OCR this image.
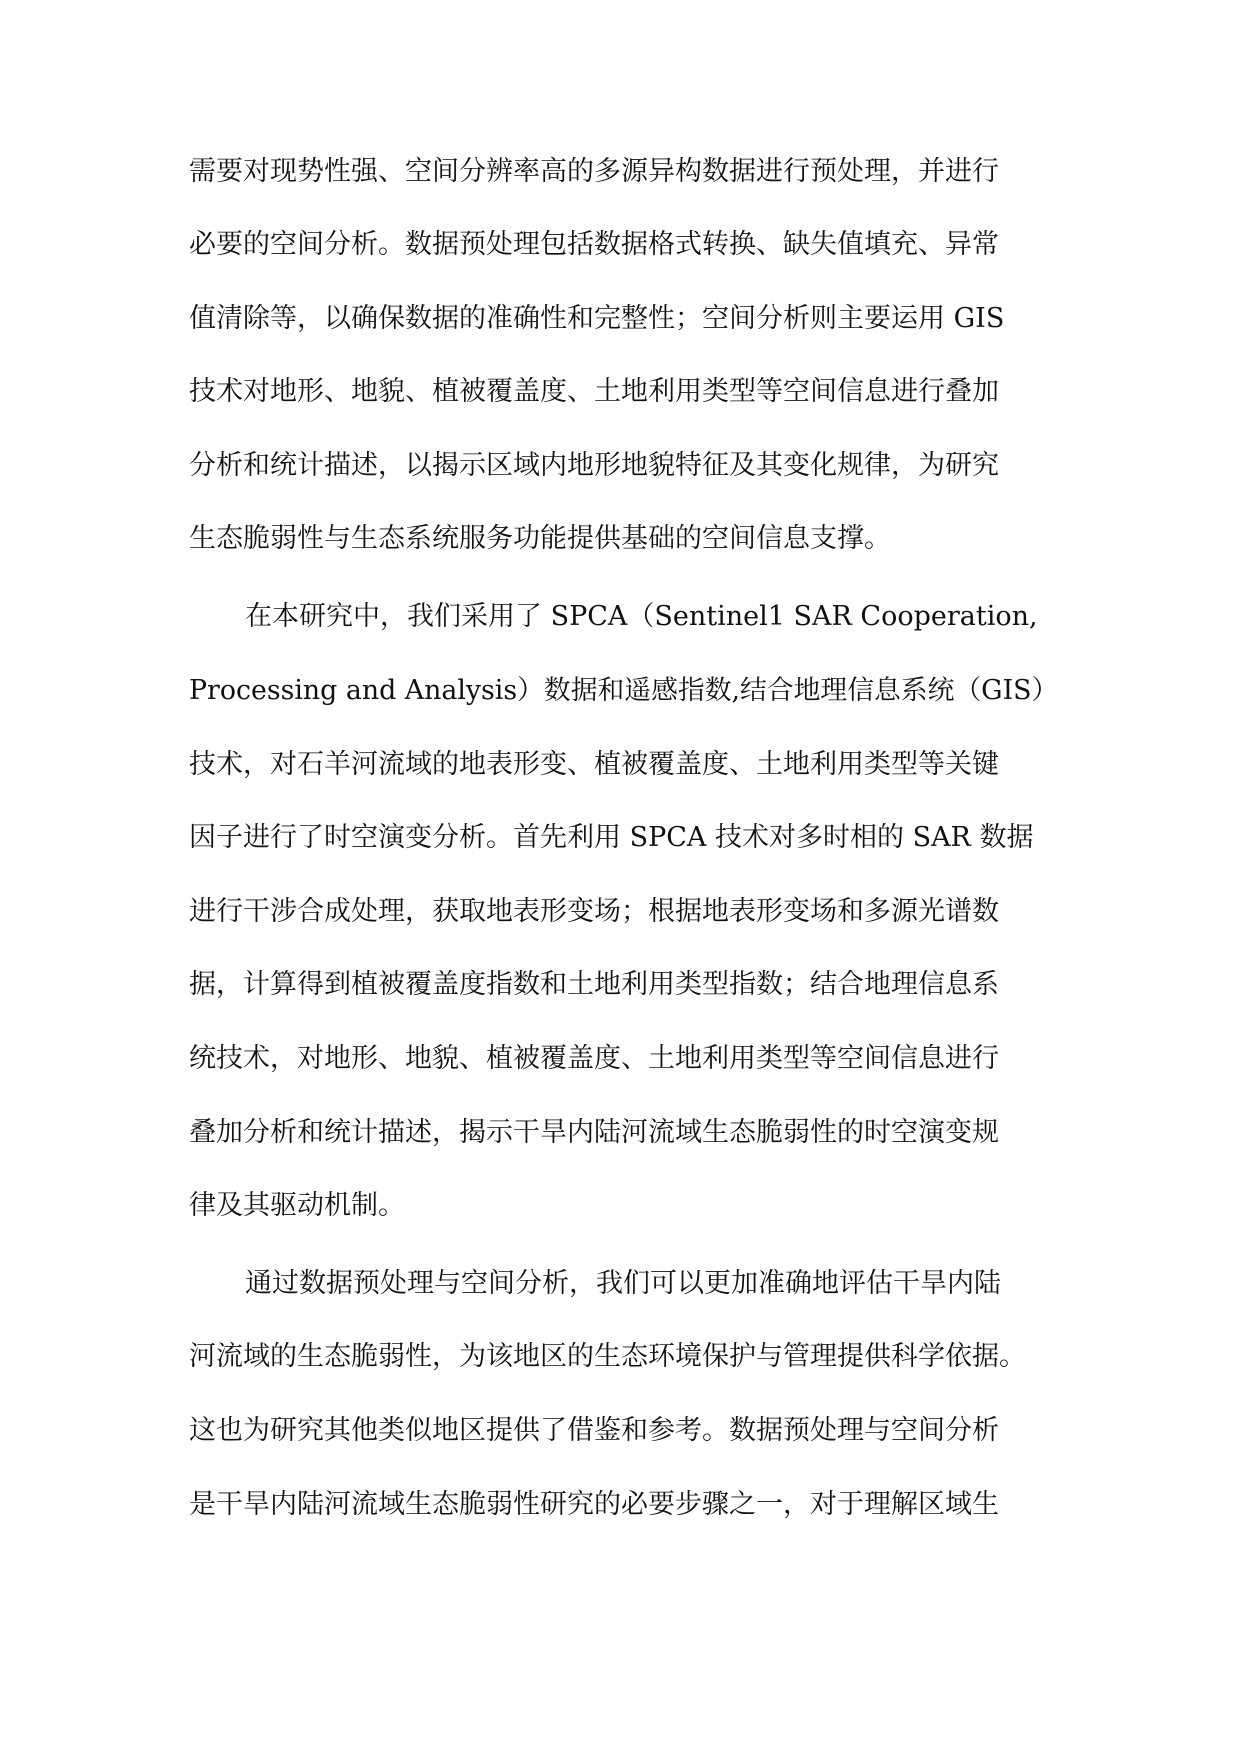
需要对现势性强、空间分辨率高的多源异构数据进行预处理，并进行
必要的空间分析。数据预处理包括数据格式转换、缺失值填充、异常
值清除等，以确保数据的准确性和完整性；空间分析则主要运用 GIS
技术对地形、地貌、植被覆盖度、土地利用类型等空间信息进行叠加
分析和统计描述，以揭示区域内地形地貌特征及其变化规律，为研究
生态脆弱性与生态系统服务功能提供基础的空间信息支撑。
在本研究中，我们采用了 SPCA（Sentinel1 SAR Cooperation,
Processing and Analysis）数据和遥感指数,结合地理信息系统（GIS）
技术，对石羊河流域的地表形变、植被覆盖度、土地利用类型等关键
因子进行了时空演变分析。首先利用 SPCA 技术对多时相的 SAR 数据
进行干涉合成处理，获取地表形变场；根据地表形变场和多源光谱数
据，计算得到植被覆盖度指数和土地利用类型指数；结合地理信息系
统技术，对地形、地貌、植被覆盖度、土地利用类型等空间信息进行
叠加分析和统计描述，揭示干旱内陆河流域生态脆弱性的时空演变规
律及其驱动机制。
通过数据预处理与空间分析，我们可以更加准确地评估干旱内陆
河流域的生态脆弱性，为该地区的生态环境保护与管理提供科学依据。
这也为研究其他类似地区提供了借鉴和参考。数据预处理与空间分析
是干旱内陆河流域生态脆弱性研究的必要步骤之一，对于理解区域生
